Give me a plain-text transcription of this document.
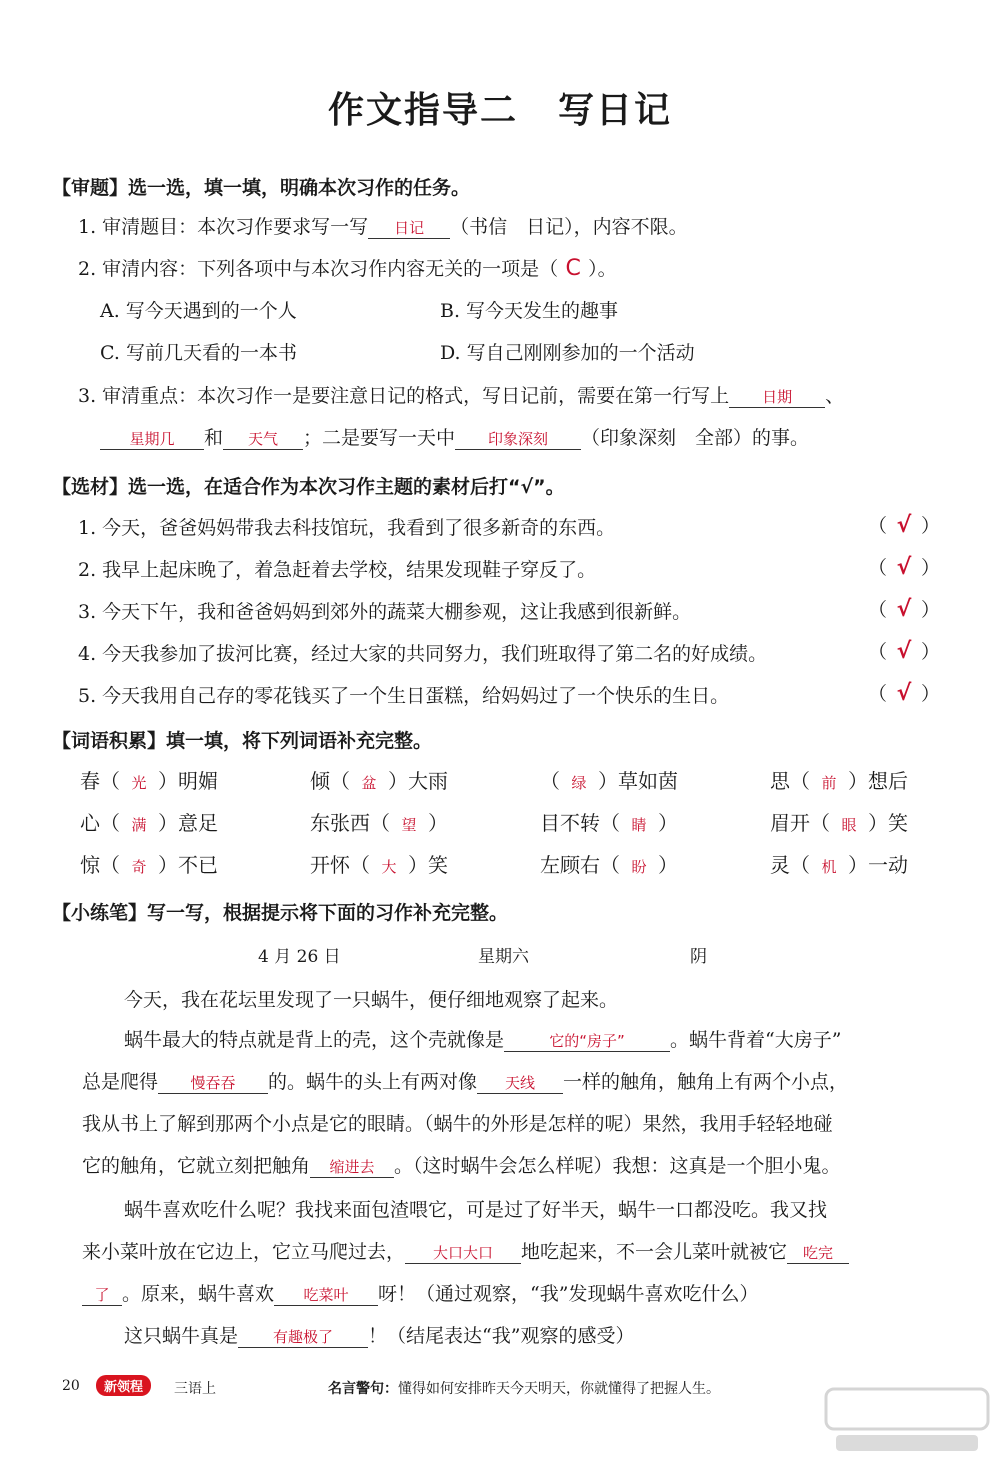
作文指导二 写日记
【审题】选一选，填一填，明确本次习作的任务。
1. 审清题目：本次习作要求写一写 日记 （书信　日记），内容不限。
2. 审清内容：下列各项中与本次习作内容无关的一项是（ C ）。
A. 写今天遇到的一个人	B. 写今天发生的趣事
C. 写前几天看的一本书	D. 写自己刚刚参加的一个活动
3. 审清重点：本次习作一是要注意日记的格式，写日记前，需要在第一行写上 日期 、
星期几 和 天气 ；二是要写一天中 印象深刻 （印象深刻　全部）的事。
【选材】选一选，在适合作为本次习作主题的素材后打“√”。
1. 今天，爸爸妈妈带我去科技馆玩，我看到了很多新奇的东西。	（ √ ）
2. 我早上起床晚了，着急赶着去学校，结果发现鞋子穿反了。	（ √ ）
3. 今天下午，我和爸爸妈妈到郊外的蔬菜大棚参观，这让我感到很新鲜。	（ √ ）
4. 今天我参加了拔河比赛，经过大家的共同努力，我们班取得了第二名的好成绩。	（ √ ）
5. 今天我用自己存的零花钱买了一个生日蛋糕，给妈妈过了一个快乐的生日。	（ √ ）
【词语积累】填一填，将下列词语补充完整。
春（ 光 ）明媚	倾（ 盆 ）大雨	（ 绿 ）草如茵	思（ 前 ）想后
心（ 满 ）意足	东张西（ 望 ）	目不转（ 睛 ）	眉开（ 眼 ）笑
惊（ 奇 ）不已	开怀（ 大 ）笑	左顾右（ 盼 ）	灵（ 机 ）一动
【小练笔】写一写，根据提示将下面的习作补充完整。
4 月 26 日	星期六	阴
今天，我在花坛里发现了一只蜗牛，便仔细地观察了起来。
蜗牛最大的特点就是背上的壳，这个壳就像是	它的“房子” 。蜗牛背着“大房子”
总是爬得 慢吞吞 的。蜗牛的头上有两对像 天线 一样的触角，触角上有两个小点，
我从书上了解到那两个小点是它的眼睛。（蜗牛的外形是怎样的呢）果然，我用手轻轻地碰
它的触角，它就立刻把触角 缩进去 。（这时蜗牛会怎么样呢）我想：这真是一个胆小鬼。
蜗牛喜欢吃什么呢？我找来面包渣喂它，可是过了好半天，蜗牛一口都没吃。我又找
来小菜叶放在它边上，它立马爬过去， 大口大口 地吃起来，不一会儿菜叶就被它 吃完
了 。原来，蜗牛喜欢 吃菜叶 呀！（通过观察，“我”发现蜗牛喜欢吃什么）
这只蜗牛真是 有趣极了 ！（结尾表达“我”观察的感受）
20	新领程	三语上	名言警句：懂得如何安排昨天今天明天，你就懂得了把握人生。
